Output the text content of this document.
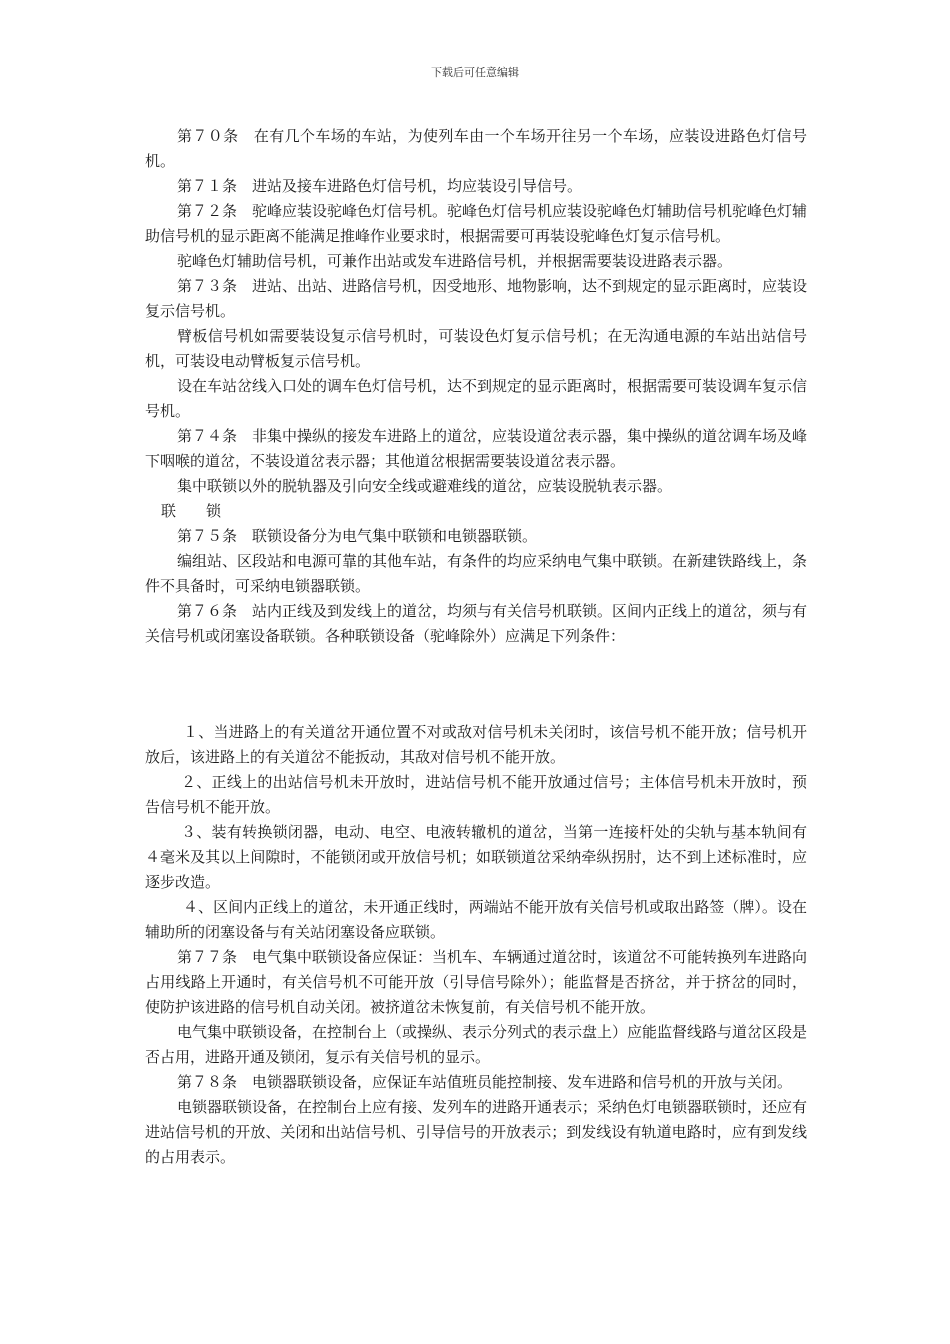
下载后可任意编辑

第７０条　在有几个车场的车站，为使列车由一个车场开往另一个车场，应装设进路色灯信号机。

第７１条　进站及接车进路色灯信号机，均应装设引导信号。

第７２条　驼峰应装设驼峰色灯信号机。驼峰色灯信号机应装设驼峰色灯辅助信号机驼峰色灯辅助信号机的显示距离不能满足推峰作业要求时，根据需要可再装设驼峰色灯复示信号机。

驼峰色灯辅助信号机，可兼作出站或发车进路信号机，并根据需要装设进路表示器。

第７３条　进站、出站、进路信号机，因受地形、地物影响，达不到规定的显示距离时，应装设复示信号机。

臂板信号机如需要装设复示信号机时，可装设色灯复示信号机；在无沟通电源的车站出站信号机，可装设电动臂板复示信号机。

设在车站岔线入口处的调车色灯信号机，达不到规定的显示距离时，根据需要可装设调车复示信号机。

第７４条　非集中操纵的接发车进路上的道岔，应装设道岔表示器，集中操纵的道岔调车场及峰下咽喉的道岔，不装设道岔表示器；其他道岔根据需要装设道岔表示器。

集中联锁以外的脱轨器及引向安全线或避难线的道岔，应装设脱轨表示器。

联　　锁

第７５条　联锁设备分为电气集中联锁和电锁器联锁。

编组站、区段站和电源可靠的其他车站，有条件的均应采纳电气集中联锁。在新建铁路线上，条件不具备时，可采纳电锁器联锁。

第７６条　站内正线及到发线上的道岔，均须与有关信号机联锁。区间内正线上的道岔，须与有关信号机或闭塞设备联锁。各种联锁设备（驼峰除外）应满足下列条件：

１、当进路上的有关道岔开通位置不对或敌对信号机未关闭时，该信号机不能开放；信号机开放后，该进路上的有关道岔不能扳动，其敌对信号机不能开放。

２、正线上的出站信号机未开放时，进站信号机不能开放通过信号；主体信号机未开放时，预告信号机不能开放。

３、装有转换锁闭器，电动、电空、电液转辙机的道岔，当第一连接杆处的尖轨与基本轨间有４毫米及其以上间隙时，不能锁闭或开放信号机；如联锁道岔采纳牵纵拐肘，达不到上述标准时，应逐步改造。

４、区间内正线上的道岔，未开通正线时，两端站不能开放有关信号机或取出路签（牌）。设在辅助所的闭塞设备与有关站闭塞设备应联锁。

第７７条　电气集中联锁设备应保证：当机车、车辆通过道岔时，该道岔不可能转换列车进路向占用线路上开通时，有关信号机不可能开放（引导信号除外）；能监督是否挤岔，并于挤岔的同时，使防护该进路的信号机自动关闭。被挤道岔未恢复前，有关信号机不能开放。

电气集中联锁设备，在控制台上（或操纵、表示分列式的表示盘上）应能监督线路与道岔区段是否占用，进路开通及锁闭，复示有关信号机的显示。

第７８条　电锁器联锁设备，应保证车站值班员能控制接、发车进路和信号机的开放与关闭。

电锁器联锁设备，在控制台上应有接、发列车的进路开通表示；采纳色灯电锁器联锁时，还应有进站信号机的开放、关闭和出站信号机、引导信号的开放表示；到发线设有轨道电路时，应有到发线的占用表示。
